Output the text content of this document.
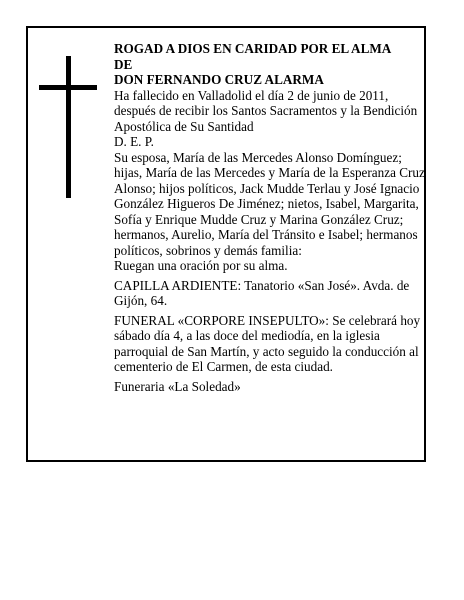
ROGAD A DIOS EN CARIDAD POR EL ALMA

DE

DON FERNANDO CRUZ ALARMA

Ha fallecido en Valladolid el día 2 de junio de 2011, después de recibir los Santos Sacramentos y la Bendición Apostólica de Su Santidad

D. E. P.

Su esposa, María de las Mercedes Alonso Domínguez; hijas, María de las Mercedes y María de la Esperanza Cruz Alonso; hijos políticos, Jack Mudde Terlau y José Ignacio González Higueros De Jiménez; nietos, Isabel, Margarita, Sofía y Enrique Mudde Cruz y Marina González Cruz; hermanos, Aurelio, María del Tránsito e Isabel; hermanos políticos, sobrinos y demás familia:

Ruegan una oración por su alma.

CAPILLA ARDIENTE: Tanatorio «San José». Avda. de Gijón, 64.

FUNERAL «CORPORE INSEPULTO»: Se celebrará hoy sábado día 4, a las doce del mediodía, en la iglesia parroquial de San Martín, y acto seguido la conducción al cementerio de El Carmen, de esta ciudad.

Funeraria «La Soledad»
